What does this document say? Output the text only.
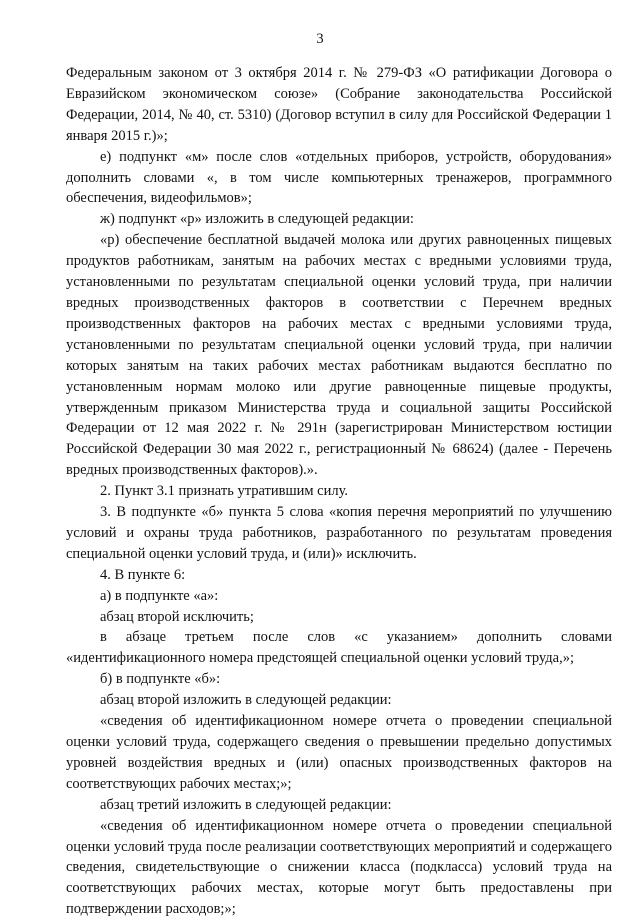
3

Федеральным законом от 3 октября 2014 г. № 279-ФЗ «О ратификации Договора о Евразийском экономическом союзе» (Собрание законодательства Российской Федерации, 2014, № 40, ст. 5310) (Договор вступил в силу для Российской Федерации 1 января 2015 г.)»;

е) подпункт «м» после слов «отдельных приборов, устройств, оборудования» дополнить словами «, в том числе компьютерных тренажеров, программного обеспечения, видеофильмов»;

ж) подпункт «р» изложить в следующей редакции:

«р) обеспечение бесплатной выдачей молока или других равноценных пищевых продуктов работникам, занятым на рабочих местах с вредными условиями труда, установленными по результатам специальной оценки условий труда, при наличии вредных производственных факторов в соответствии с Перечнем вредных производственных факторов на рабочих местах с вредными условиями труда, установленными по результатам специальной оценки условий труда, при наличии которых занятым на таких рабочих местах работникам выдаются бесплатно по установленным нормам молоко или другие равноценные пищевые продукты, утвержденным приказом Министерства труда и социальной защиты Российской Федерации от 12 мая 2022 г. № 291н (зарегистрирован Министерством юстиции Российской Федерации 30 мая 2022 г., регистрационный № 68624) (далее - Перечень вредных производственных факторов).».

2. Пункт 3.1 признать утратившим силу.

3. В подпункте «б» пункта 5 слова «копия перечня мероприятий по улучшению условий и охраны труда работников, разработанного по результатам проведения специальной оценки условий труда, и (или)» исключить.

4. В пункте 6:

а) в подпункте «а»:

абзац второй исключить;

в абзаце третьем после слов «с указанием» дополнить словами «идентификационного номера предстоящей специальной оценки условий труда,»;

б) в подпункте «б»:

абзац второй изложить в следующей редакции:

«сведения об идентификационном номере отчета о проведении специальной оценки условий труда, содержащего сведения о превышении предельно допустимых уровней воздействия вредных и (или) опасных производственных факторов на соответствующих рабочих местах;»;

абзац третий изложить в следующей редакции:

«сведения об идентификационном номере отчета о проведении специальной оценки условий труда после реализации соответствующих мероприятий и содержащего сведения, свидетельствующие о снижении класса (подкласса) условий труда на соответствующих рабочих местах, которые могут быть предоставлены при подтверждении расходов;»;
